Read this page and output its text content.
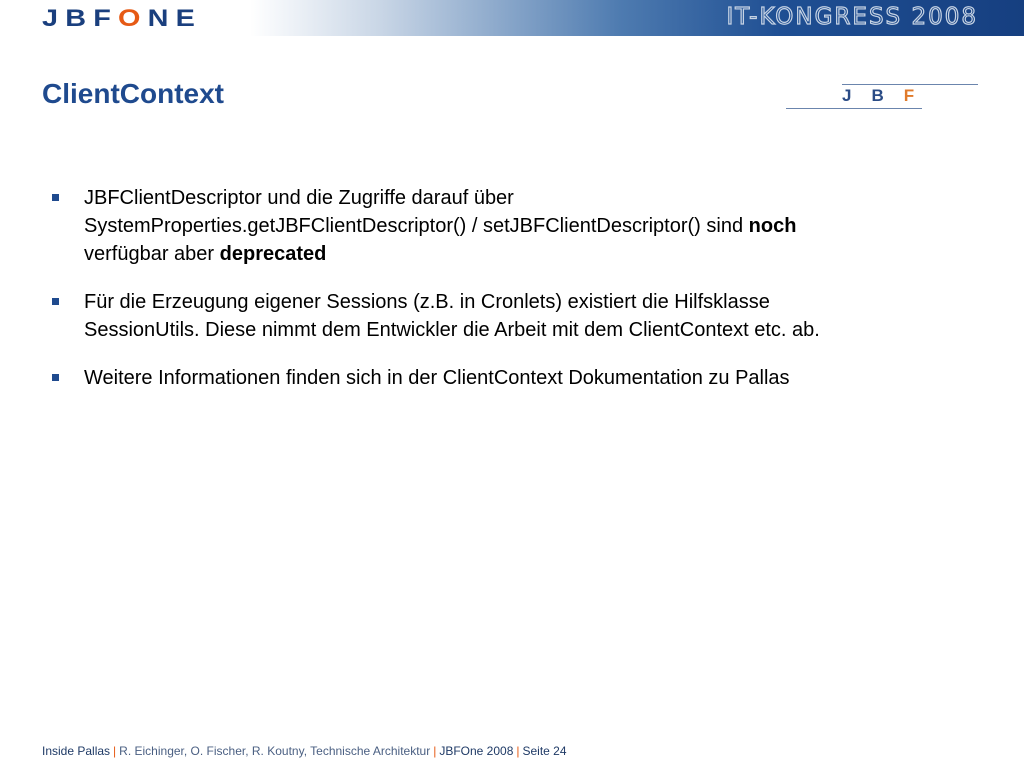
JBFONE	IT-KONGRESS 2008
ClientContext	JBF
JBFClientDescriptor und die Zugriffe darauf über
SystemProperties.getJBFClientDescriptor() / setJBFClientDescriptor() sind noch
verfügbar aber deprecated
Für die Erzeugung eigener Sessions (z.B. in Cronlets) existiert die Hilfsklasse
SessionUtils. Diese nimmt dem Entwickler die Arbeit mit dem ClientContext etc. ab.
Weitere Informationen finden sich in der ClientContext Dokumentation zu Pallas
Inside Pallas | R. Eichinger, O. Fischer, R. Koutny, Technische Architektur | JBFOne 2008 | Seite 24
